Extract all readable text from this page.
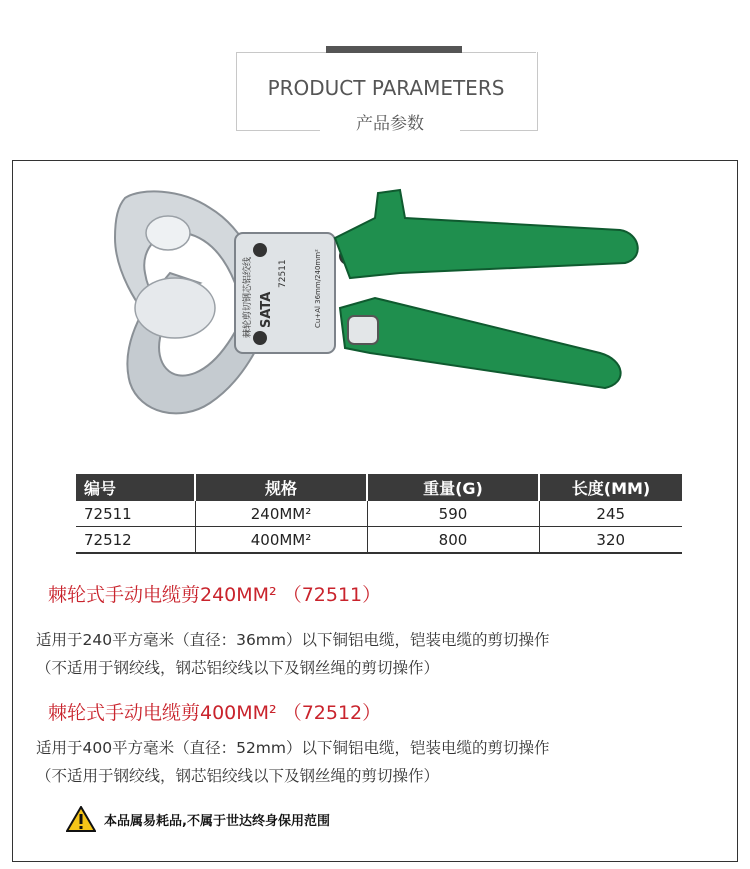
PRODUCT PARAMETERS
产品参数
SATA
72511
棘轮剪切钢芯铝绞线	Cu+Al 36mm/240mm²
编号	规格	重量(G)	长度(MM)
72511	240MM²	590	245
72512	400MM²	800	320
棘轮式手动电缆剪240MM² （72511）
适用于240平方毫米（直径：36mm）以下铜铝电缆，铠装电缆的剪切操作
（不适用于钢绞线，钢芯铝绞线以下及钢丝绳的剪切操作）
棘轮式手动电缆剪400MM² （72512）
适用于400平方毫米（直径：52mm）以下铜铝电缆，铠装电缆的剪切操作
（不适用于钢绞线，钢芯铝绞线以下及钢丝绳的剪切操作）
本品属易耗品,不属于世达终身保用范围
